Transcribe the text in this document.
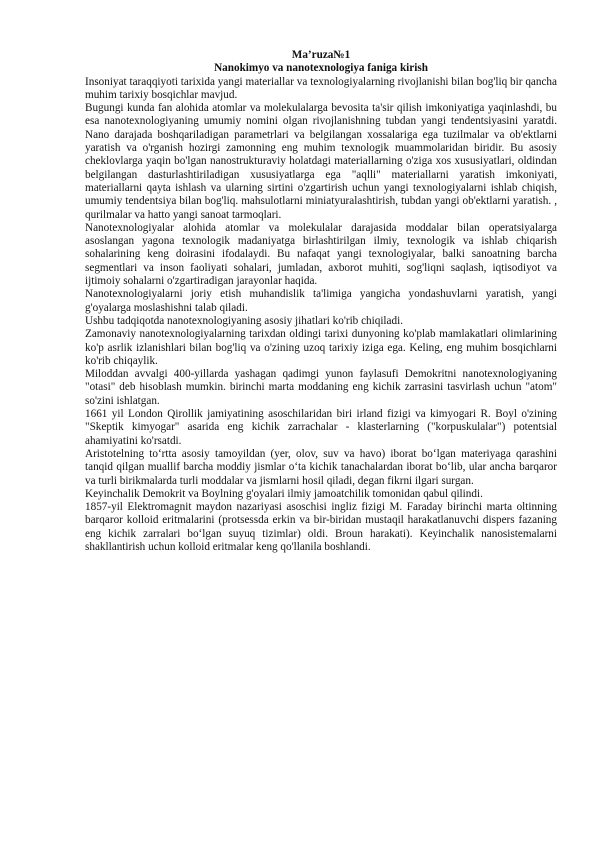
Ma’ruza№1

Nanokimyo va nanotexnologiya faniga kirish

Insoniyat taraqqiyoti tarixida yangi materiallar va texnologiyalarning rivojlanishi bilan bog'liq bir qancha muhim tarixiy bosqichlar mavjud.

Bugungi kunda fan alohida atomlar va molekulalarga bevosita ta'sir qilish imkoniyatiga yaqinlashdi, bu esa nanotexnologiyaning umumiy nomini olgan rivojlanishning tubdan yangi tendentsiyasini yaratdi. Nano darajada boshqariladigan parametrlari va belgilangan xossalariga ega tuzilmalar va ob'ektlarni yaratish va o'rganish hozirgi zamonning eng muhim texnologik muammolaridan biridir. Bu asosiy cheklovlarga yaqin bo'lgan nanostrukturaviy holatdagi materiallarning o'ziga xos xususiyatlari, oldindan belgilangan dasturlashtiriladigan xususiyatlarga ega "aqlli" materiallarni yaratish imkoniyati, materiallarni qayta ishlash va ularning sirtini o'zgartirish uchun yangi texnologiyalarni ishlab chiqish, umumiy tendentsiya bilan bog'liq. mahsulotlarni miniatyuralashtirish, tubdan yangi ob'ektlarni yaratish. , qurilmalar va hatto yangi sanoat tarmoqlari.

Nanotexnologiyalar alohida atomlar va molekulalar darajasida moddalar bilan operatsiyalarga asoslangan yagona texnologik madaniyatga birlashtirilgan ilmiy, texnologik va ishlab chiqarish sohalarining keng doirasini ifodalaydi. Bu nafaqat yangi texnologiyalar, balki sanoatning barcha segmentlari va inson faoliyati sohalari, jumladan, axborot muhiti, sog'liqni saqlash, iqtisodiyot va ijtimoiy sohalarni o'zgartiradigan jarayonlar haqida.

Nanotexnologiyalarni joriy etish muhandislik ta'limiga yangicha yondashuvlarni yaratish, yangi g'oyalarga moslashishni talab qiladi.

Ushbu tadqiqotda nanotexnologiyaning asosiy jihatlari ko'rib chiqiladi.

Zamonaviy nanotexnologiyalarning tarixdan oldingi tarixi dunyoning ko'plab mamlakatlari olimlarining ko'p asrlik izlanishlari bilan bog'liq va o'zining uzoq tarixiy iziga ega. Keling, eng muhim bosqichlarni ko'rib chiqaylik.

Miloddan avvalgi 400-yillarda yashagan qadimgi yunon faylasufi Demokritni nanotexnologiyaning "otasi" deb hisoblash mumkin. birinchi marta moddaning eng kichik zarrasini tasvirlash uchun "atom" so'zini ishlatgan.

1661 yil London Qirollik jamiyatining asoschilaridan biri irland fizigi va kimyogari R. Boyl o'zining "Skeptik kimyogar" asarida eng kichik zarrachalar - klasterlarning ("korpuskulalar") potentsial ahamiyatini ko'rsatdi.

Aristotelning to‘rtta asosiy tamoyildan (yer, olov, suv va havo) iborat bo‘lgan materiyaga qarashini tanqid qilgan muallif barcha moddiy jismlar o‘ta kichik tanachalardan iborat bo‘lib, ular ancha barqaror va turli birikmalarda turli moddalar va jismlarni hosil qiladi, degan fikrni ilgari surgan.

Keyinchalik Demokrit va Boylning g'oyalari ilmiy jamoatchilik tomonidan qabul qilindi.

1857-yil Elektromagnit maydon nazariyasi asoschisi ingliz fizigi M. Faraday birinchi marta oltinning barqaror kolloid eritmalarini (protsessda erkin va bir-biridan mustaqil harakatlanuvchi dispers fazaning eng kichik zarralari bo‘lgan suyuq tizimlar) oldi. Broun harakati). Keyinchalik nanosistemalarni shakllantirish uchun kolloid eritmalar keng qo'llanila boshlandi.
